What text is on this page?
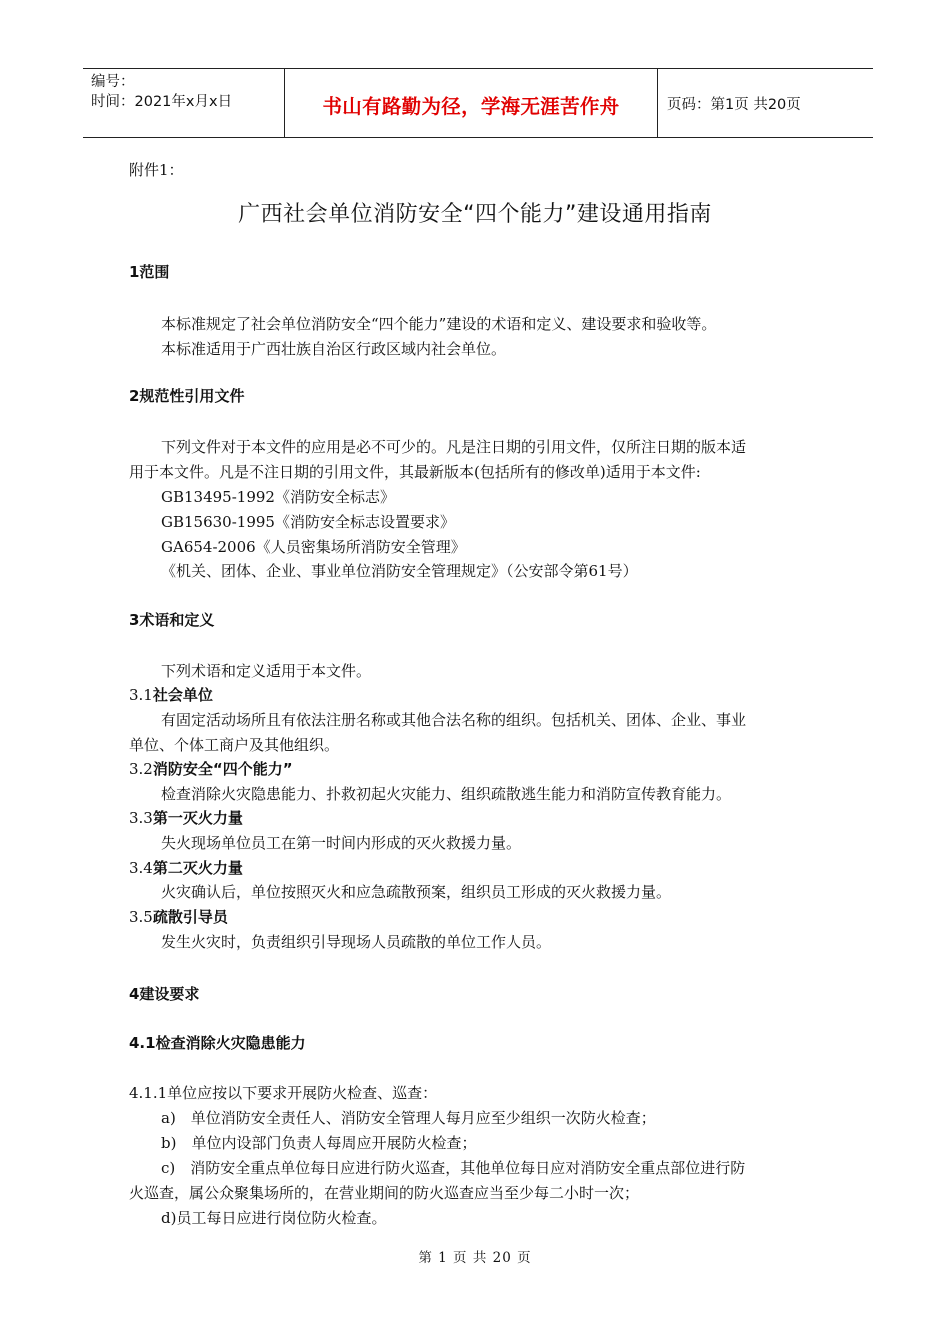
编号：
时间：2021年x月x日	书山有路勤为径，学海无涯苦作舟	页码：第1页 共20页
附件1：
广西社会单位消防安全“四个能力”建设通用指南
1范围
本标准规定了社会单位消防安全“四个能力”建设的术语和定义、建设要求和验收等。
本标准适用于广西壮族自治区行政区域内社会单位。
2规范性引用文件
下列文件对于本文件的应用是必不可少的。凡是注日期的引用文件，仅所注日期的版本适
用于本文件。凡是不注日期的引用文件，其最新版本(包括所有的修改单)适用于本文件:
GB13495-1992《消防安全标志》
GB15630-1995《消防安全标志设置要求》
GA654-2006《人员密集场所消防安全管理》
《机关、团体、企业、事业单位消防安全管理规定》（公安部令第61号）
3术语和定义
下列术语和定义适用于本文件。
3.1社会单位
有固定活动场所且有依法注册名称或其他合法名称的组织。包括机关、团体、企业、事业
单位、个体工商户及其他组织。
3.2消防安全“四个能力”
检查消除火灾隐患能力、扑救初起火灾能力、组织疏散逃生能力和消防宣传教育能力。
3.3第一灭火力量
失火现场单位员工在第一时间内形成的灭火救援力量。
3.4第二灭火力量
火灾确认后，单位按照灭火和应急疏散预案，组织员工形成的灭火救援力量。
3.5疏散引导员
发生火灾时，负责组织引导现场人员疏散的单位工作人员。
4建设要求
4.1检查消除火灾隐患能力
4.1.1单位应按以下要求开展防火检查、巡查：
a)　单位消防安全责任人、消防安全管理人每月应至少组织一次防火检查；
b)　单位内设部门负责人每周应开展防火检查；
c)　消防安全重点单位每日应进行防火巡查，其他单位每日应对消防安全重点部位进行防
火巡查，属公众聚集场所的，在营业期间的防火巡查应当至少每二小时一次；
d)员工每日应进行岗位防火检查。
第 1 页 共 20 页
